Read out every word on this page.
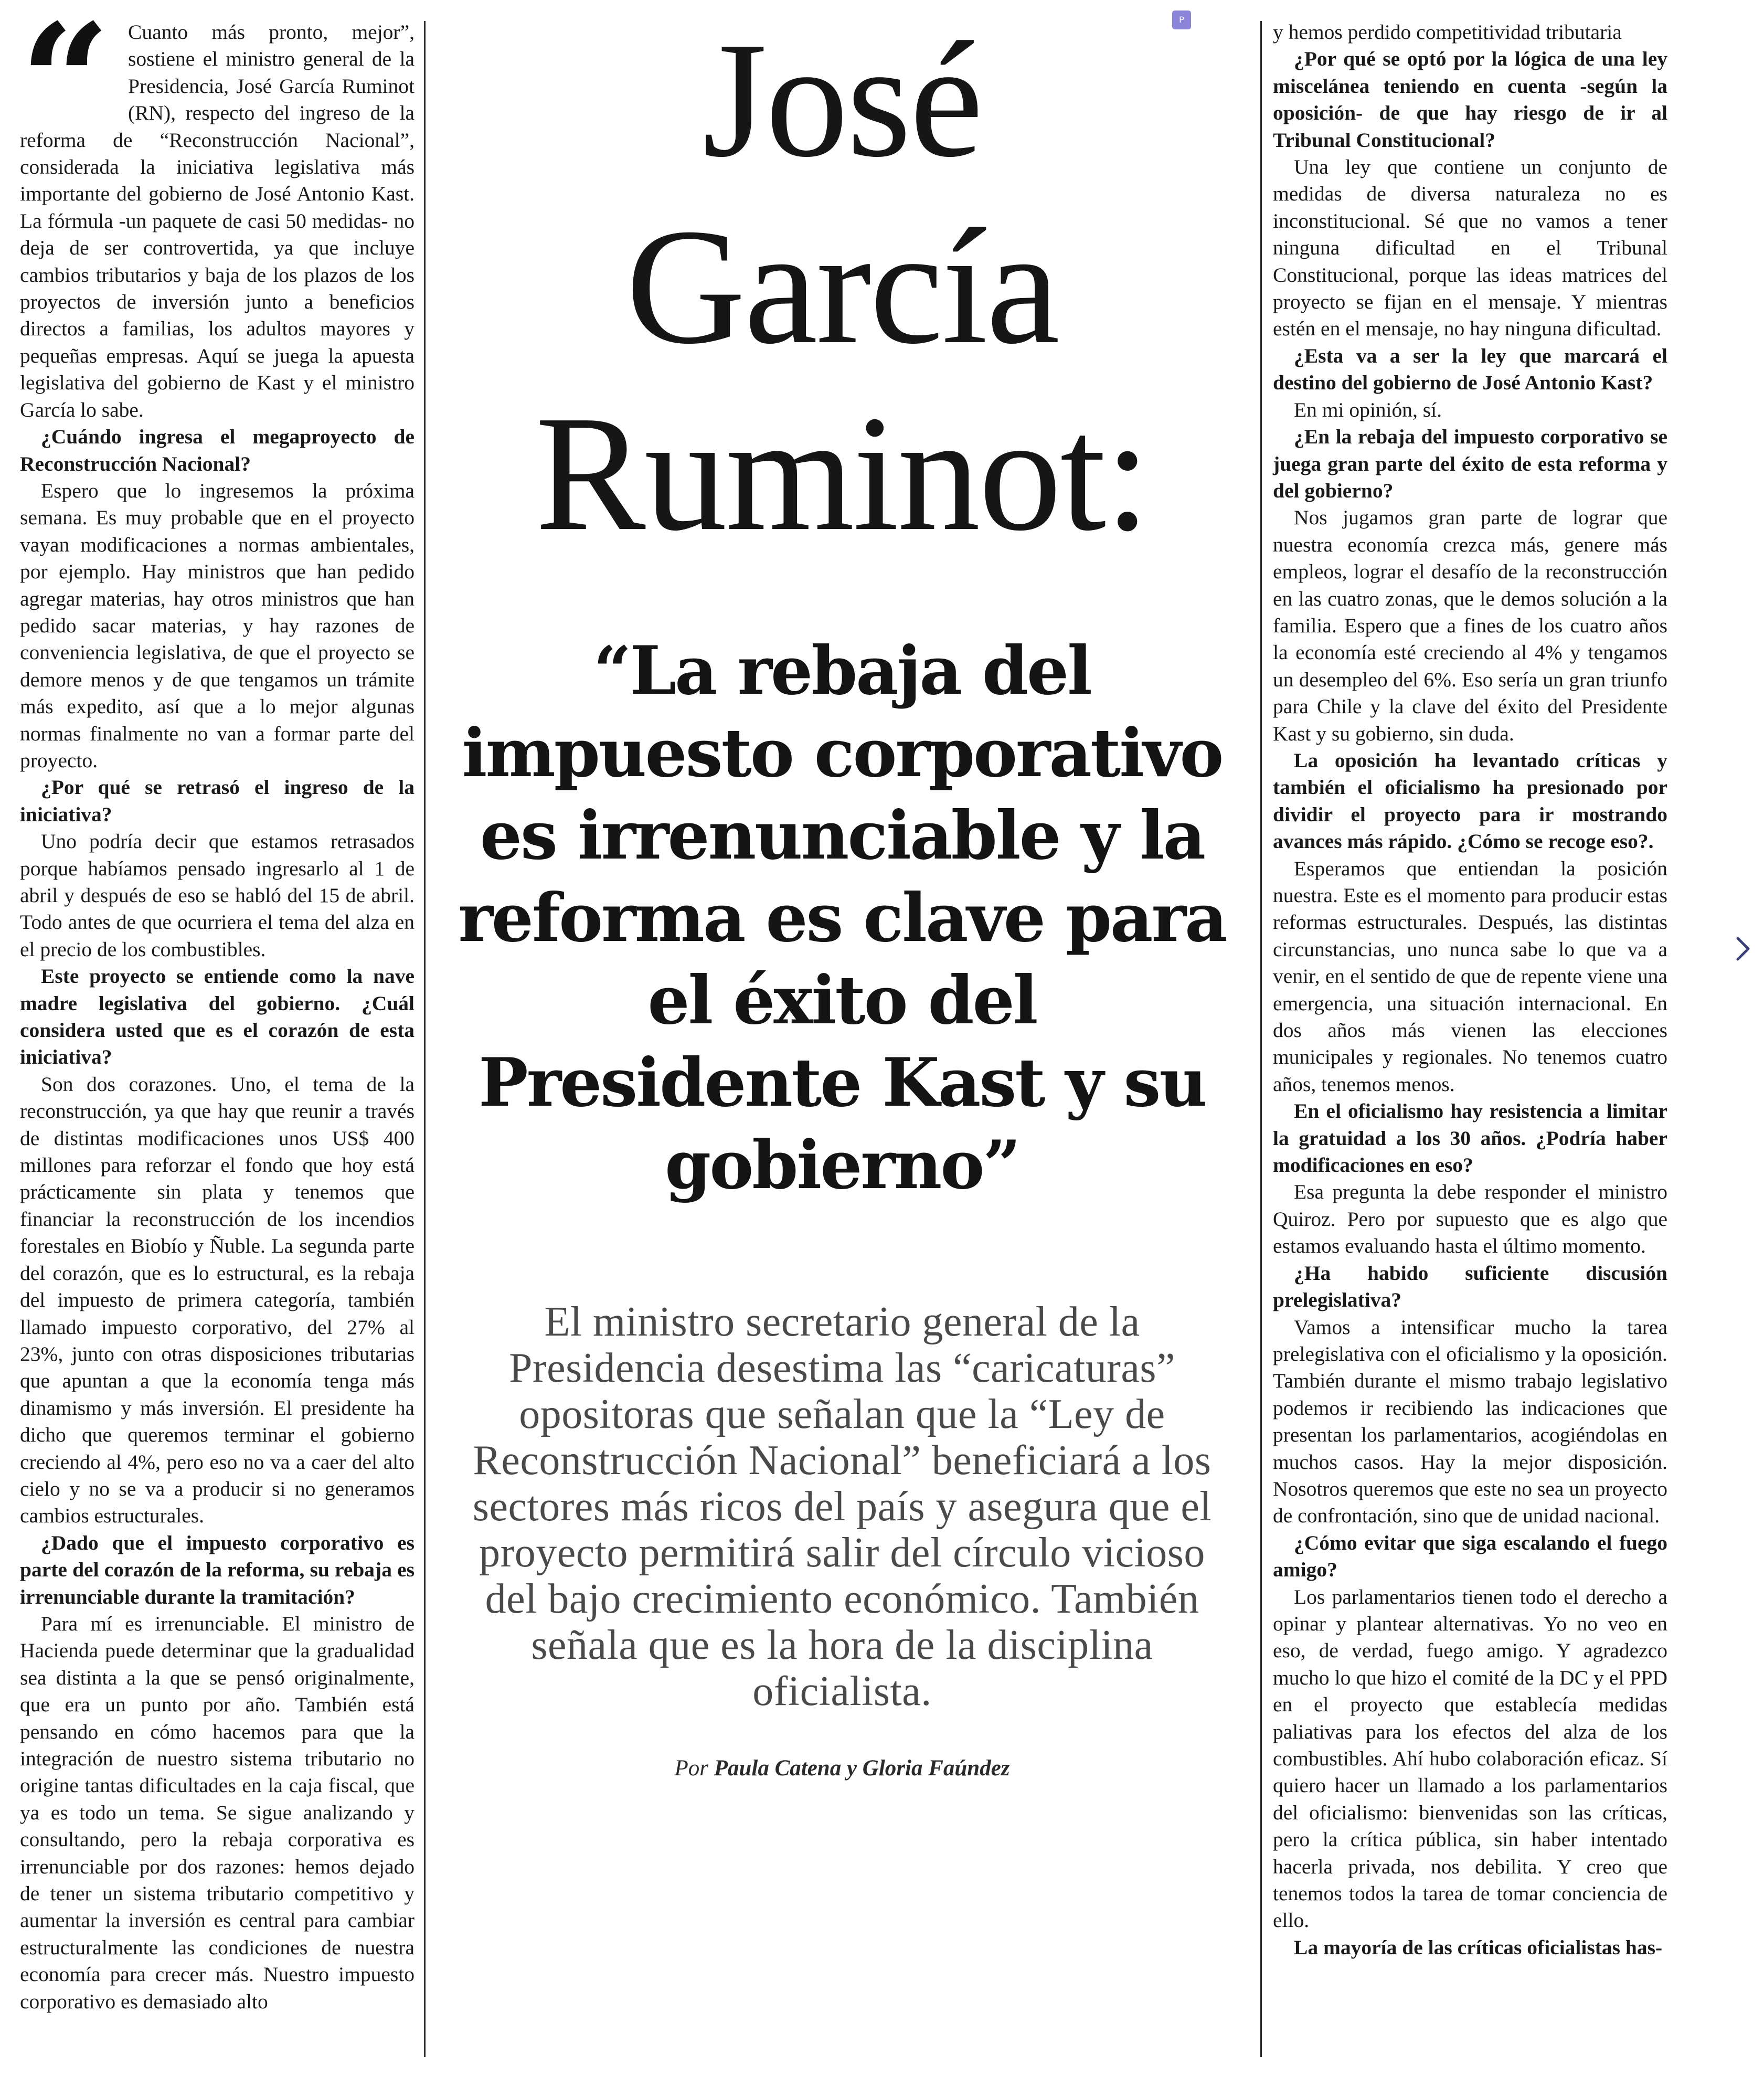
“	Cuanto más pronto, mejor”, sostiene el ministro general de la Presidencia, José García Ruminot (RN), respecto del ingreso de la reforma de “Reconstrucción Nacional”, considerada la iniciativa legislativa más importante del gobierno de José Antonio Kast. La fórmula -un paquete de casi 50 medidas- no deja de ser controvertida, ya que incluye cambios tributarios y baja de los plazos de los proyectos de inversión junto a beneficios directos a familias, los adultos mayores y pequeñas empresas. Aquí se juega la apuesta legislativa del gobierno de Kast y el ministro García lo sabe.

¿Cuándo ingresa el megaproyecto de Reconstrucción Nacional?

Espero que lo ingresemos la próxima semana. Es muy probable que en el proyecto vayan modificaciones a normas ambientales, por ejemplo. Hay ministros que han pedido agregar materias, hay otros ministros que han pedido sacar materias, y hay razones de conveniencia legislativa, de que el proyecto se demore menos y de que tengamos un trámite más expedito, así que a lo mejor algunas normas finalmente no van a formar parte del proyecto.

¿Por qué se retrasó el ingreso de la iniciativa?

Uno podría decir que estamos retrasados porque habíamos pensado ingresarlo al 1 de abril y después de eso se habló del 15 de abril. Todo antes de que ocurriera el tema del alza en el precio de los combustibles.

Este proyecto se entiende como la nave madre legislativa del gobierno. ¿Cuál considera usted que es el corazón de esta iniciativa?

Son dos corazones. Uno, el tema de la reconstrucción, ya que hay que reunir a través de distintas modificaciones unos US$ 400 millones para reforzar el fondo que hoy está prácticamente sin plata y tenemos que financiar la reconstrucción de los incendios forestales en Biobío y Ñuble. La segunda parte del corazón, que es lo estructural, es la rebaja del impuesto de primera categoría, también llamado impuesto corporativo, del 27% al 23%, junto con otras disposiciones tributarias que apuntan a que la economía tenga más dinamismo y más inversión. El presidente ha dicho que queremos terminar el gobierno creciendo al 4%, pero eso no va a caer del alto cielo y no se va a producir si no generamos cambios estructurales.

¿Dado que el impuesto corporativo es parte del corazón de la reforma, su rebaja es irrenunciable durante la tramitación?

Para mí es irrenunciable. El ministro de Hacienda puede determinar que la gradualidad sea distinta a la que se pensó originalmente, que era un punto por año. También está pensando en cómo hacemos para que la integración de nuestro sistema tributario no origine tantas dificultades en la caja fiscal, que ya es todo un tema. Se sigue analizando y consultando, pero la rebaja corporativa es irrenunciable por dos razones: hemos dejado de tener un sistema tributario competitivo y aumentar la inversión es central para cambiar estructuralmente las condiciones de nuestra economía para crecer más. Nuestro impuesto corporativo es demasiado alto

José
García
Ruminot:
“La rebaja del impuesto corporativo es irrenunciable y la reforma es clave para el éxito del Presidente Kast y su gobierno”

El ministro secretario general de la Presidencia desestima las “caricaturas” opositoras que señalan que la “Ley de Reconstrucción Nacional” beneficiará a los sectores más ricos del país y asegura que el proyecto permitirá salir del círculo vicioso del bajo crecimiento económico. También señala que es la hora de la disciplina oficialista.

Por Paula Catena y Gloria Faúndez

y hemos perdido competitividad tributaria

¿Por qué se optó por la lógica de una ley miscelánea teniendo en cuenta -según la oposición- de que hay riesgo de ir al Tribunal Constitucional?

Una ley que contiene un conjunto de medidas de diversa naturaleza no es inconstitucional. Sé que no vamos a tener ninguna dificultad en el Tribunal Constitucional, porque las ideas matrices del proyecto se fijan en el mensaje. Y mientras estén en el mensaje, no hay ninguna dificultad.

¿Esta va a ser la ley que marcará el destino del gobierno de José Antonio Kast?

En mi opinión, sí.

¿En la rebaja del impuesto corporativo se juega gran parte del éxito de esta reforma y del gobierno?

Nos jugamos gran parte de lograr que nuestra economía crezca más, genere más empleos, lograr el desafío de la reconstrucción en las cuatro zonas, que le demos solución a la familia. Espero que a fines de los cuatro años la economía esté creciendo al 4% y tengamos un desempleo del 6%. Eso sería un gran triunfo para Chile y la clave del éxito del Presidente Kast y su gobierno, sin duda.

La oposición ha levantado críticas y también el oficialismo ha presionado por dividir el proyecto para ir mostrando avances más rápido. ¿Cómo se recoge eso?.

Esperamos que entiendan la posición nuestra. Este es el momento para producir estas reformas estructurales. Después, las distintas circunstancias, uno nunca sabe lo que va a venir, en el sentido de que de repente viene una emergencia, una situación internacional. En dos años más vienen las elecciones municipales y regionales. No tenemos cuatro años, tenemos menos.

En el oficialismo hay resistencia a limitar la gratuidad a los 30 años. ¿Podría haber modificaciones en eso?

Esa pregunta la debe responder el ministro Quiroz. Pero por supuesto que es algo que estamos evaluando hasta el último momento.

¿Ha habido suficiente discusión prelegislativa?

Vamos a intensificar mucho la tarea prelegislativa con el oficialismo y la oposición. También durante el mismo trabajo legislativo podemos ir recibiendo las indicaciones que presentan los parlamentarios, acogiéndolas en muchos casos. Hay la mejor disposición. Nosotros queremos que este no sea un proyecto de confrontación, sino que de unidad nacional.

¿Cómo evitar que siga escalando el fuego amigo?

Los parlamentarios tienen todo el derecho a opinar y plantear alternativas. Yo no veo en eso, de verdad, fuego amigo. Y agradezco mucho lo que hizo el comité de la DC y el PPD en el proyecto que establecía medidas paliativas para los efectos del alza de los combustibles. Ahí hubo colaboración eficaz. Sí quiero hacer un llamado a los parlamentarios del oficialismo: bienvenidas son las críticas, pero la crítica pública, sin haber intentado hacerla privada, nos debilita. Y creo que tenemos todos la tarea de tomar conciencia de ello.

La mayoría de las críticas oficialistas has-

P
